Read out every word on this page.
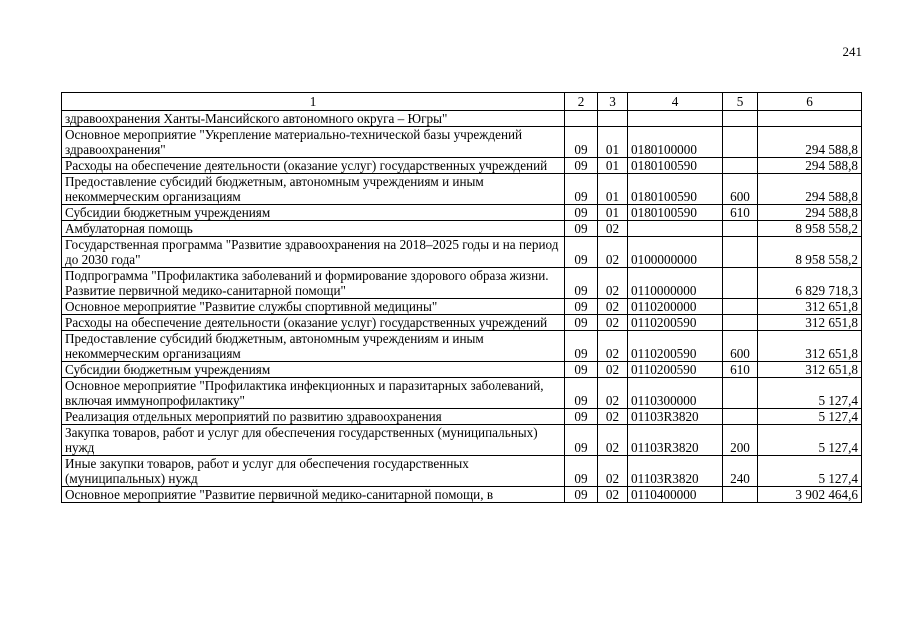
241
1	2	3	4	5	6
здравоохранения Ханты-Мансийского автономного округа – Югры"					
Основное мероприятие "Укрепление материально-технической базы учреждений здравоохранения"	09	01	0180100000		294 588,8
Расходы на обеспечение деятельности (оказание услуг) государственных учреждений	09	01	0180100590		294 588,8
Предоставление субсидий бюджетным, автономным учреждениям и иным некоммерческим организациям	09	01	0180100590	600	294 588,8
Субсидии бюджетным учреждениям	09	01	0180100590	610	294 588,8
Амбулаторная помощь	09	02			8 958 558,2
Государственная программа "Развитие здравоохранения на 2018–2025 годы и на период до 2030 года"	09	02	0100000000		8 958 558,2
Подпрограмма "Профилактика заболеваний и формирование здорового образа жизни. Развитие первичной медико-санитарной помощи"	09	02	0110000000		6 829 718,3
Основное мероприятие "Развитие службы спортивной медицины"	09	02	0110200000		312 651,8
Расходы на обеспечение деятельности (оказание услуг) государственных учреждений	09	02	0110200590		312 651,8
Предоставление субсидий бюджетным, автономным учреждениям и иным некоммерческим организациям	09	02	0110200590	600	312 651,8
Субсидии бюджетным учреждениям	09	02	0110200590	610	312 651,8
Основное мероприятие "Профилактика инфекционных и паразитарных заболеваний, включая иммунопрофилактику"	09	02	0110300000		5 127,4
Реализация отдельных мероприятий по развитию здравоохранения	09	02	01103R3820		5 127,4
Закупка товаров, работ и услуг для обеспечения государственных (муниципальных) нужд	09	02	01103R3820	200	5 127,4
Иные закупки товаров, работ и услуг для обеспечения государственных (муниципальных) нужд	09	02	01103R3820	240	5 127,4
Основное мероприятие "Развитие первичной медико-санитарной помощи, в	09	02	0110400000		3 902 464,6
